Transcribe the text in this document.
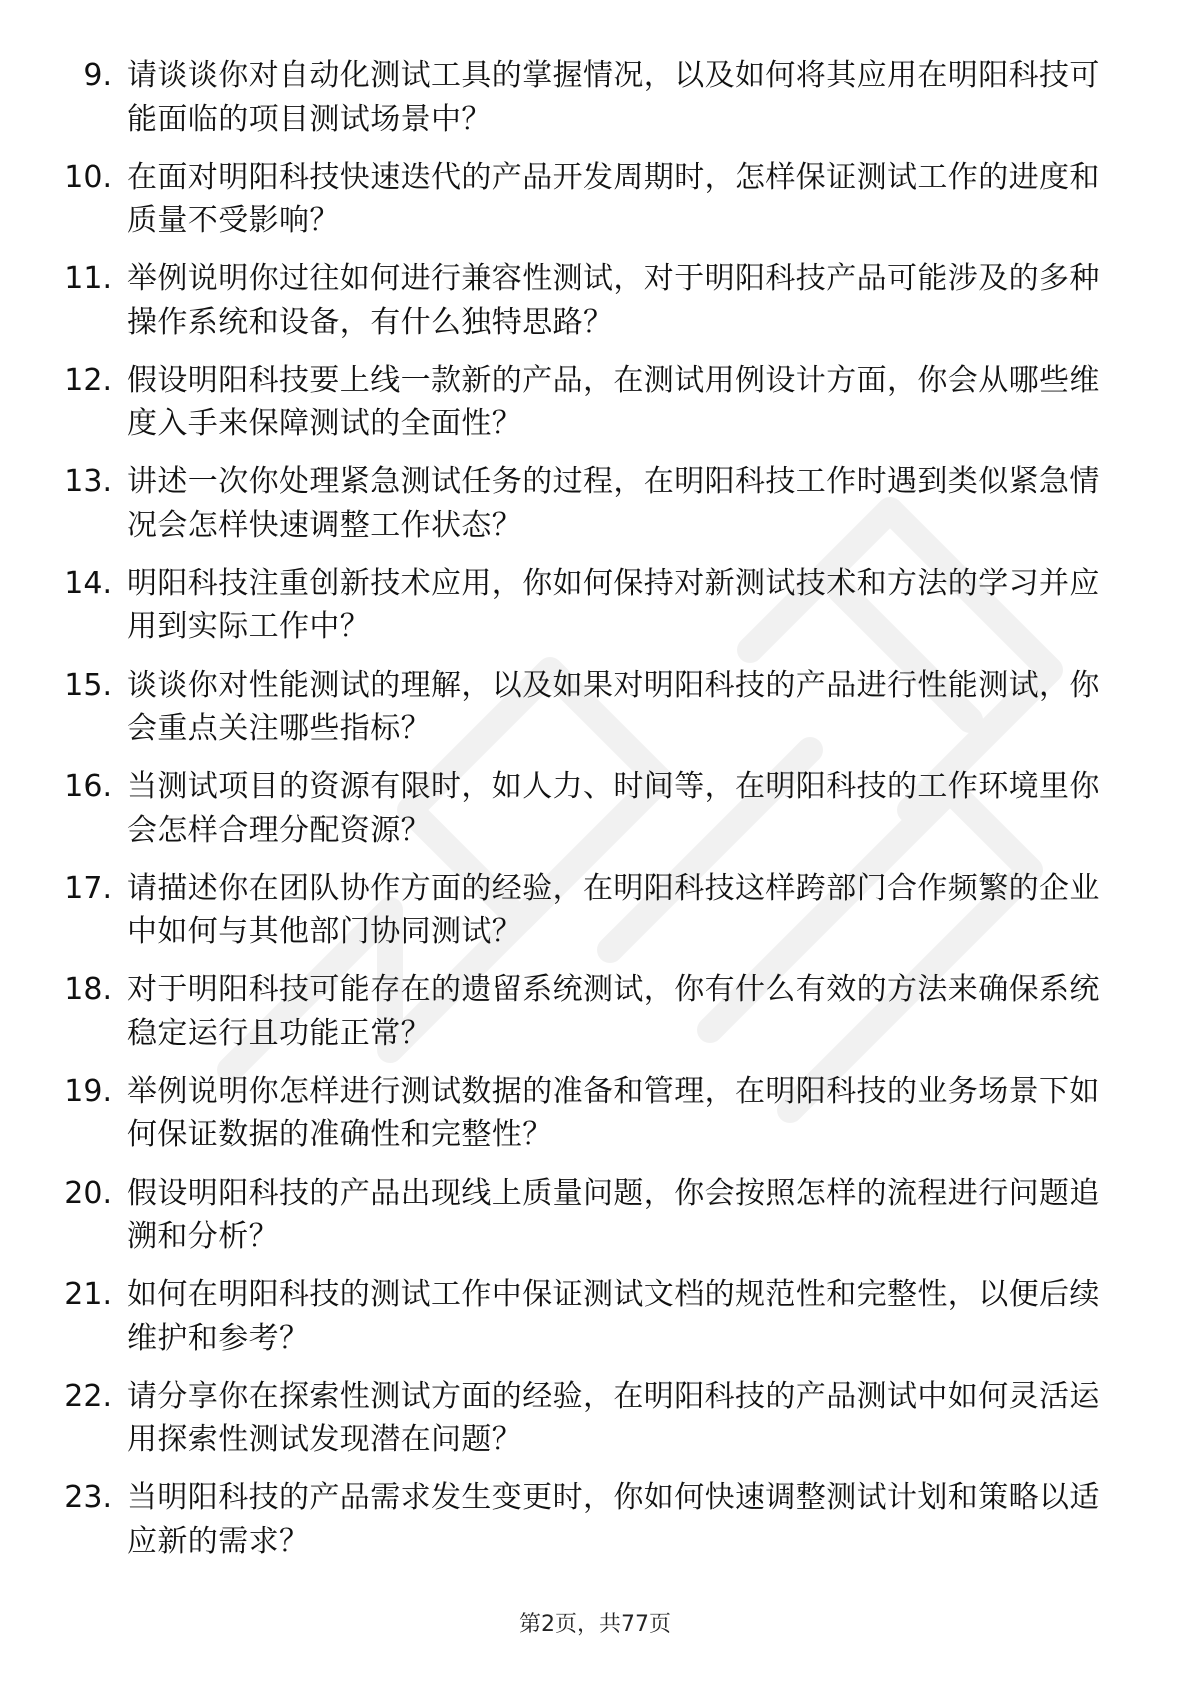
9. 请谈谈你对自动化测试工具的掌握情况，以及如何将其应用在明阳科技可能面临的项目测试场景中？
10. 在面对明阳科技快速迭代的产品开发周期时，怎样保证测试工作的进度和质量不受影响？
11. 举例说明你过往如何进行兼容性测试，对于明阳科技产品可能涉及的多种操作系统和设备，有什么独特思路？
12. 假设明阳科技要上线一款新的产品，在测试用例设计方面，你会从哪些维度入手来保障测试的全面性？
13. 讲述一次你处理紧急测试任务的过程，在明阳科技工作时遇到类似紧急情况会怎样快速调整工作状态？
14. 明阳科技注重创新技术应用，你如何保持对新测试技术和方法的学习并应用到实际工作中？
15. 谈谈你对性能测试的理解，以及如果对明阳科技的产品进行性能测试，你会重点关注哪些指标？
16. 当测试项目的资源有限时，如人力、时间等，在明阳科技的工作环境里你会怎样合理分配资源？
17. 请描述你在团队协作方面的经验，在明阳科技这样跨部门合作频繁的企业中如何与其他部门协同测试？
18. 对于明阳科技可能存在的遗留系统测试，你有什么有效的方法来确保系统稳定运行且功能正常？
19. 举例说明你怎样进行测试数据的准备和管理，在明阳科技的业务场景下如何保证数据的准确性和完整性？
20. 假设明阳科技的产品出现线上质量问题，你会按照怎样的流程进行问题追溯和分析？
21. 如何在明阳科技的测试工作中保证测试文档的规范性和完整性，以便后续维护和参考？
22. 请分享你在探索性测试方面的经验，在明阳科技的产品测试中如何灵活运用探索性测试发现潜在问题？
23. 当明阳科技的产品需求发生变更时，你如何快速调整测试计划和策略以适应新的需求？
第2页，共77页
